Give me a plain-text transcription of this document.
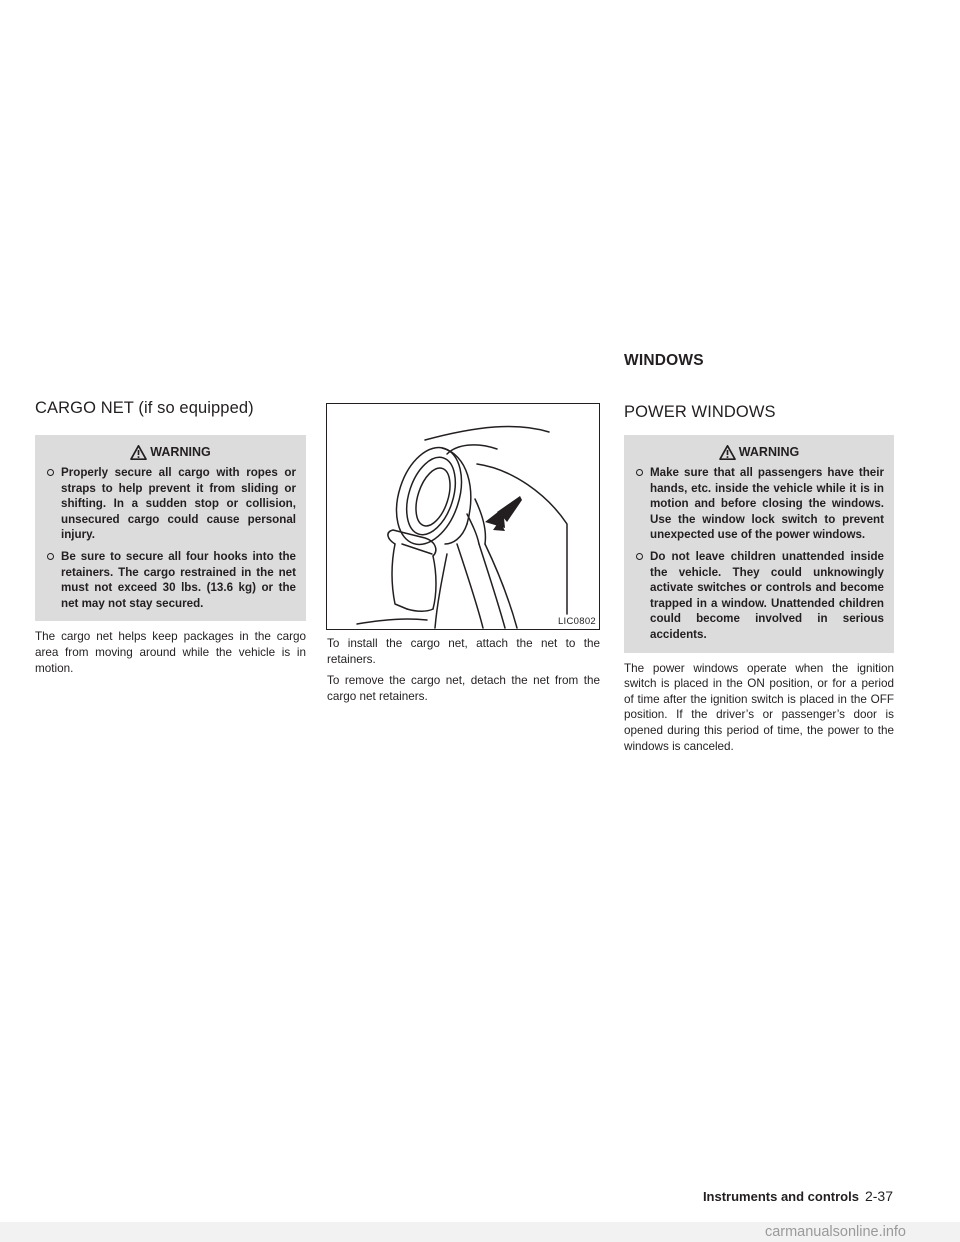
WINDOWS
CARGO NET (if so equipped)
WARNING
Properly secure all cargo with ropes or straps to help prevent it from sliding or shifting. In a sudden stop or collision, unsecured cargo could cause personal injury.
Be sure to secure all four hooks into the retainers. The cargo restrained in the net must not exceed 30 lbs. (13.6 kg) or the net may not stay secured.

The cargo net helps keep packages in the cargo area from moving around while the vehicle is in motion.

LIC0802

To install the cargo net, attach the net to the retainers.

To remove the cargo net, detach the net from the cargo net retainers.

POWER WINDOWS
WARNING
Make sure that all passengers have their hands, etc. inside the vehicle while it is in motion and before closing the windows. Use the window lock switch to prevent unexpected use of the power windows.
Do not leave children unattended inside the vehicle. They could unknowingly activate switches or controls and become trapped in a window. Unattended children could become involved in serious accidents.

The power windows operate when the ignition switch is placed in the ON position, or for a period of time after the ignition switch is placed in the OFF position. If the driver’s or passenger’s door is opened during this period of time, the power to the windows is canceled.

Instruments and controls 2-37
carmanualsonline.info
